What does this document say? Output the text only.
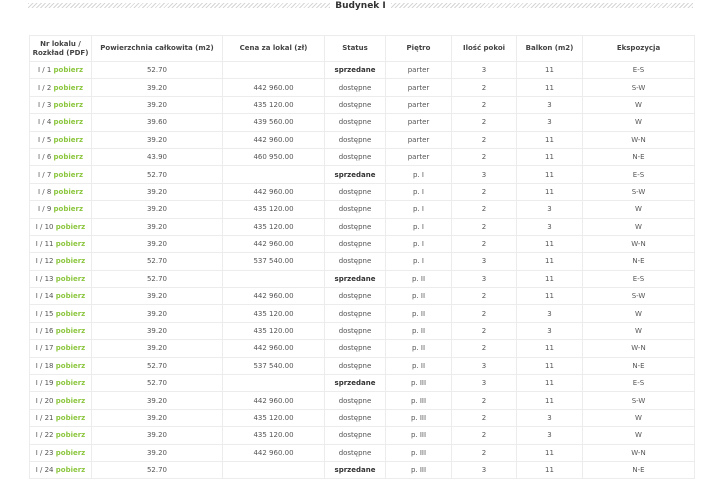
Budynek I
Nr lokalu / Rozkład (PDF)	Powierzchnia całkowita (m2)	Cena za lokal (zł)	Status	Piętro	Ilość pokoi	Balkon (m2)	Ekspozycja
I / 1 pobierz	52.70		sprzedane	parter	3	11	E-S
I / 2 pobierz	39.20	442 960.00	dostępne	parter	2	11	S-W
I / 3 pobierz	39.20	435 120.00	dostępne	parter	2	3	W
I / 4 pobierz	39.60	439 560.00	dostępne	parter	2	3	W
I / 5 pobierz	39.20	442 960.00	dostępne	parter	2	11	W-N
I / 6 pobierz	43.90	460 950.00	dostępne	parter	2	11	N-E
I / 7 pobierz	52.70		sprzedane	p. I	3	11	E-S
I / 8 pobierz	39.20	442 960.00	dostępne	p. I	2	11	S-W
I / 9 pobierz	39.20	435 120.00	dostępne	p. I	2	3	W
I / 10 pobierz	39.20	435 120.00	dostępne	p. I	2	3	W
I / 11 pobierz	39.20	442 960.00	dostępne	p. I	2	11	W-N
I / 12 pobierz	52.70	537 540.00	dostępne	p. I	3	11	N-E
I / 13 pobierz	52.70		sprzedane	p. II	3	11	E-S
I / 14 pobierz	39.20	442 960.00	dostępne	p. II	2	11	S-W
I / 15 pobierz	39.20	435 120.00	dostępne	p. II	2	3	W
I / 16 pobierz	39.20	435 120.00	dostępne	p. II	2	3	W
I / 17 pobierz	39.20	442 960.00	dostępne	p. II	2	11	W-N
I / 18 pobierz	52.70	537 540.00	dostępne	p. II	3	11	N-E
I / 19 pobierz	52.70		sprzedane	p. III	3	11	E-S
I / 20 pobierz	39.20	442 960.00	dostępne	p. III	2	11	S-W
I / 21 pobierz	39.20	435 120.00	dostępne	p. III	2	3	W
I / 22 pobierz	39.20	435 120.00	dostępne	p. III	2	3	W
I / 23 pobierz	39.20	442 960.00	dostępne	p. III	2	11	W-N
I / 24 pobierz	52.70		sprzedane	p. III	3	11	N-E
